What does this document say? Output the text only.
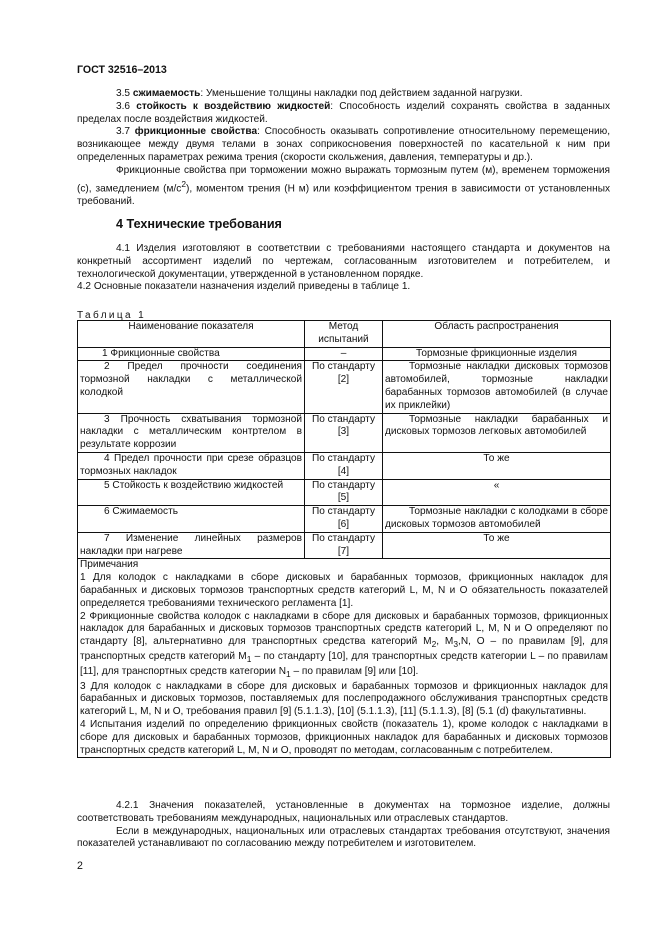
ГОСТ 32516–2013

3.5 сжимаемость: Уменьшение толщины накладки под действием заданной нагрузки.

3.6 стойкость к воздействию жидкостей: Способность изделий сохранять свойства в заданных пределах после воздействия жидкостей.

3.7 фрикционные свойства: Способность оказывать сопротивление относительному перемещению, возникающее между двумя телами в зонах соприкосновения поверхностей по касательной к ним при определенных параметрах режима трения (скорости скольжения, давления, температуры и др.).

Фрикционные свойства при торможении можно выражать тормозным путем (м), временем торможения (с), замедлением $(м/с^2)$, моментом трения (Н м) или коэффициентом трения в зависимости от установленных требований.

4 Технические требования

4.1 Изделия изготовляют в соответствии с требованиями настоящего стандарта и документов на конкретный ассортимент изделий по чертежам, согласованным изготовителем и потребителем, и технологической документации, утвержденной в установленном порядке.

4.2 Основные показатели назначения изделий приведены в таблице 1.

Таблица 1
Наименование показателя	Метод испытаний	Область распространения
1 Фрикционные свойства	–	Тормозные фрикционные изделия
2 Предел прочности соединения тормозной накладки с металлической колодкой	По стандарту [2]	Тормозные накладки дисковых тормозов автомобилей, тормозные накладки барабанных тормозов автомобилей (в случае их приклейки)
3 Прочность схватывания тормозной накладки с металлическим контртелом в результате коррозии	По стандарту [3]	Тормозные накладки барабанных и дисковых тормозов легковых автомобилей
4 Предел прочности при срезе образцов тормозных накладок	По стандарту [4]	То же
5 Стойкость к воздействию жидкостей	По стандарту [5]	«
6 Сжимаемость	По стандарту [6]	Тормозные накладки с колодками в сборе дисковых тормозов автомобилей
7 Изменение линейных размеров накладки при нагреве	По стандарту [7]	То же

Примечания

1 Для колодок с накладками в сборе дисковых и барабанных тормозов, фрикционных накладок для барабанных и дисковых тормозов транспортных средств категорий L, M, N и O обязательность показателей определяется требованиями технического регламента [1].

2 Фрикционные свойства колодок с накладками в сборе для дисковых и барабанных тормозов, фрикционных накладок для барабанных и дисковых тормозов транспортных средств категорий L, M, N и O определяют по стандарту [8], альтернативно для транспортных средства категорий $M_2$, $M_3,N$, O – по правилам [9], для транспортных средств категорий $M_1$ – по стандарту [10], для транспортных средств категории L – по правилам [11], для транспортных средств категории $N_1$ – по правилам [9] или [10].

3 Для колодок с накладками в сборе для дисковых и барабанных тормозов и фрикционных накладок для барабанных и дисковых тормозов, поставляемых для послепродажного обслуживания транспортных средств категорий L, M, N и O, требования правил [9] (5.1.1.3), [10] (5.1.1.3), [11] (5.1.1.3), [8] (5.1 (d) факультативны.

4 Испытания изделий по определению фрикционных свойств (показатель 1), кроме колодок с накладками в сборе для дисковых и барабанных тормозов, фрикционных накладок для барабанных и дисковых тормозов транспортных средств категорий L, M, N и O, проводят по методам, согласованным с потребителем.		

4.2.1 Значения показателей, установленные в документах на тормозное изделие, должны соответствовать требованиям международных, национальных или отраслевых стандартов.

Если в международных, национальных или отраслевых стандартах требования отсутствуют, значения показателей устанавливают по согласованию между потребителем и изготовителем.

2
